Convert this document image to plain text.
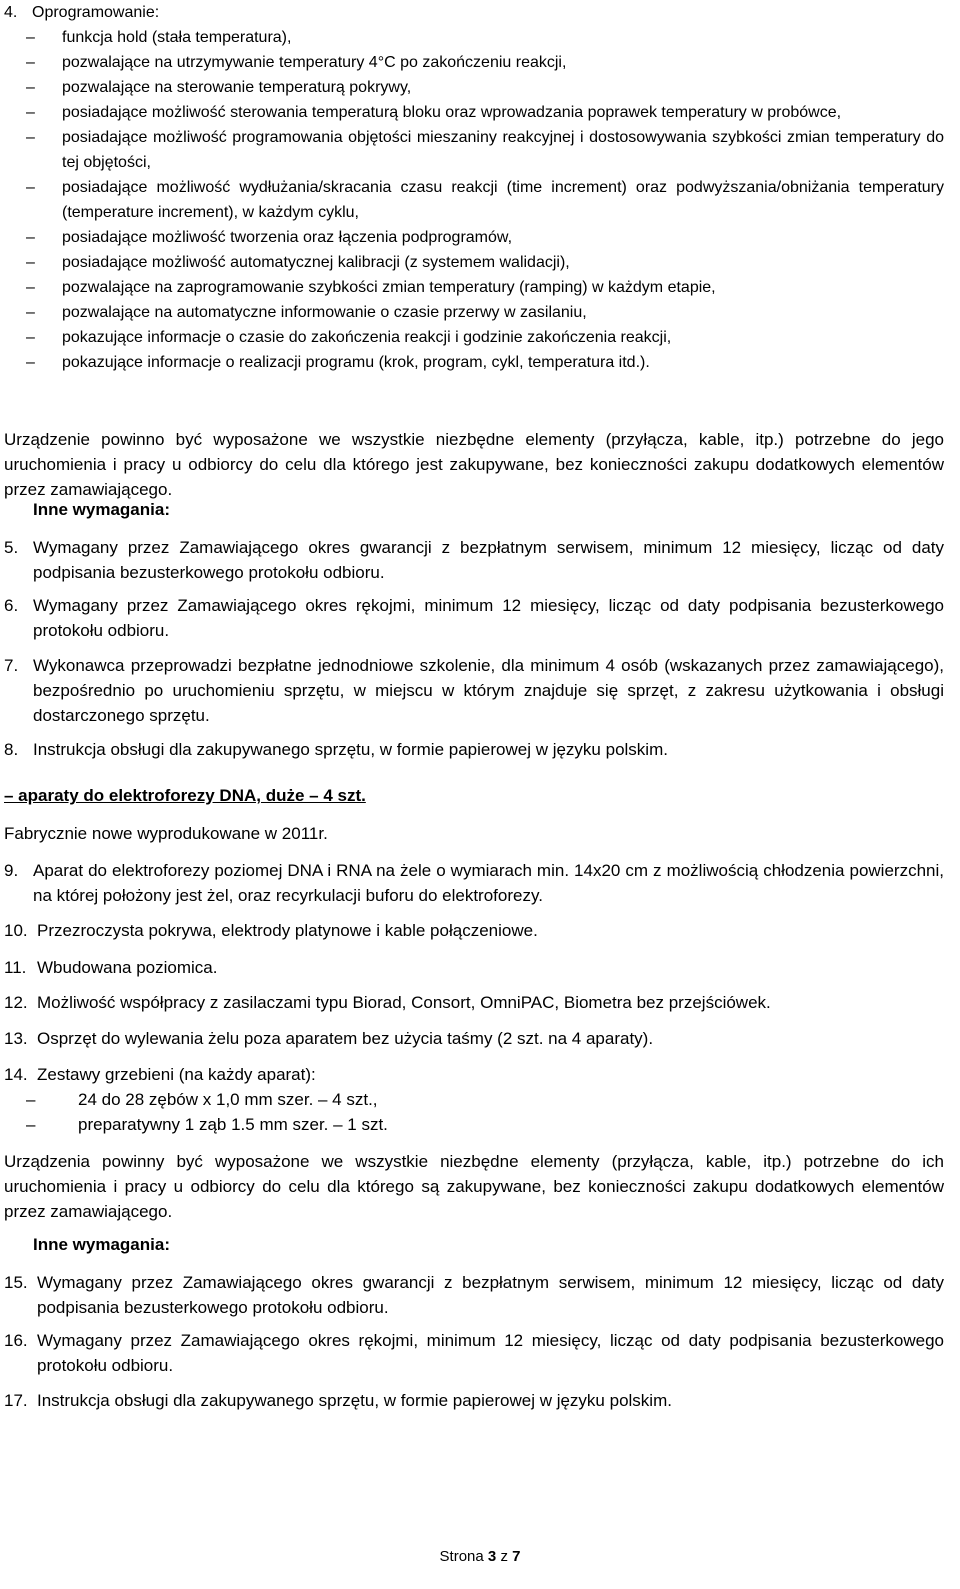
4. Oprogramowanie:
– funkcja hold (stała temperatura),
– pozwalające na utrzymywanie temperatury 4°C po zakończeniu reakcji,
– pozwalające na sterowanie temperaturą pokrywy,
– posiadające możliwość sterowania temperaturą bloku oraz wprowadzania poprawek temperatury w probówce,
– posiadające możliwość programowania objętości mieszaniny reakcyjnej i dostosowywania szybkości zmian temperatury do tej objętości,
– posiadające możliwość wydłużania/skracania czasu reakcji (time increment) oraz podwyższania/obniżania temperatury (temperature increment), w każdym cyklu,
– posiadające możliwość tworzenia oraz łączenia podprogramów,
– posiadające możliwość automatycznej kalibracji (z systemem walidacji),
– pozwalające na zaprogramowanie szybkości zmian temperatury (ramping) w każdym etapie,
– pozwalające na automatyczne informowanie o czasie przerwy w zasilaniu,
– pokazujące informacje o czasie do zakończenia reakcji i godzinie zakończenia reakcji,
– pokazujące informacje o realizacji programu (krok, program, cykl, temperatura itd.).
Urządzenie powinno być wyposażone we wszystkie niezbędne elementy (przyłącza, kable, itp.) potrzebne do jego uruchomienia i pracy u odbiorcy do celu dla którego jest zakupywane, bez konieczności zakupu dodatkowych elementów przez zamawiającego.
Inne wymagania:
5. Wymagany przez Zamawiającego okres gwarancji z bezpłatnym serwisem, minimum 12 miesięcy, licząc od daty podpisania bezusterkowego protokołu odbioru.
6. Wymagany przez Zamawiającego okres rękojmi, minimum 12 miesięcy, licząc od daty podpisania bezusterkowego protokołu odbioru.
7. Wykonawca przeprowadzi bezpłatne jednodniowe szkolenie, dla minimum 4 osób (wskazanych przez zamawiającego), bezpośrednio po uruchomieniu sprzętu, w miejscu w którym znajduje się sprzęt, z zakresu użytkowania i obsługi dostarczonego sprzętu.
8. Instrukcja obsługi dla zakupywanego sprzętu, w formie papierowej w języku polskim.
– aparaty do elektroforezy DNA, duże – 4 szt.
Fabrycznie nowe wyprodukowane w 2011r.
9. Aparat do elektroforezy poziomej DNA i RNA na żele o wymiarach min. 14x20 cm z możliwością chłodzenia powierzchni, na której położony jest żel, oraz recyrkulacji buforu do elektroforezy.
10. Przezroczysta pokrywa, elektrody platynowe i kable połączeniowe.
11. Wbudowana poziomica.
12. Możliwość współpracy z zasilaczami typu Biorad, Consort, OmniPAC, Biometra bez przejściówek.
13. Osprzęt do wylewania żelu poza aparatem bez użycia taśmy (2 szt. na 4 aparaty).
14. Zestawy grzebieni (na każdy aparat):
–	24 do 28 zębów x 1,0 mm szer. – 4 szt.,
–	preparatywny 1 ząb 1.5 mm szer. – 1 szt.
Urządzenia powinny być wyposażone we wszystkie niezbędne elementy (przyłącza, kable, itp.) potrzebne do ich uruchomienia i pracy u odbiorcy do celu dla którego są zakupywane, bez konieczności zakupu dodatkowych elementów przez zamawiającego.
Inne wymagania:
15. Wymagany przez Zamawiającego okres gwarancji z bezpłatnym serwisem, minimum 12 miesięcy, licząc od daty podpisania bezusterkowego protokołu odbioru.
16. Wymagany przez Zamawiającego okres rękojmi, minimum 12 miesięcy, licząc od daty podpisania bezusterkowego protokołu odbioru.
17. Instrukcja obsługi dla zakupywanego sprzętu, w formie papierowej w języku polskim.
Strona 3 z 7
